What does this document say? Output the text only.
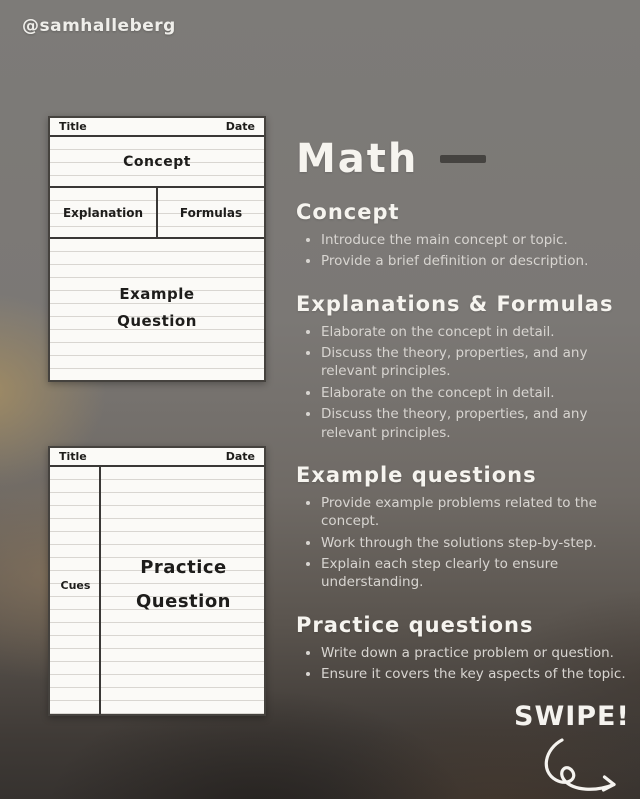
@samhalleberg
Title	Date
Concept
Explanation	Formulas
Example
Question
Title	Date
Cues
Practice
Question
Math
Concept
• Introduce the main concept or topic.
• Provide a brief definition or description.
Explanations & Formulas
• Elaborate on the concept in detail.
• Discuss the theory, properties, and any relevant principles.
• Elaborate on the concept in detail.
• Discuss the theory, properties, and any relevant principles.
Example questions
• Provide example problems related to the concept.
• Work through the solutions step-by-step.
• Explain each step clearly to ensure understanding.
Practice questions
• Write down a practice problem or question.
• Ensure it covers the key aspects of the topic.
SWIPE!
